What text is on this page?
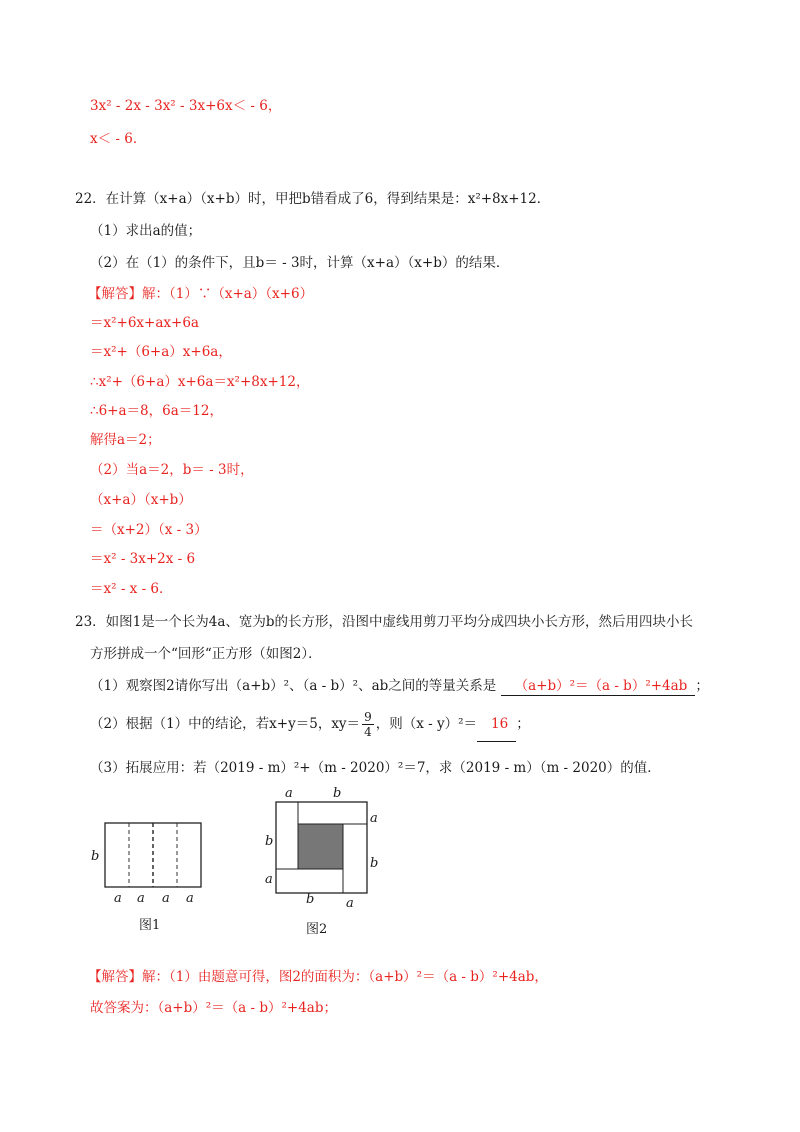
3x² - 2x - 3x² - 3x+6x＜ - 6，
x＜ - 6．
22．在计算（x+a）（x+b）时，甲把b错看成了6，得到结果是：x²+8x+12．
（1）求出a的值；
（2）在（1）的条件下，且b＝ - 3时，计算（x+a）（x+b）的结果．
【解答】解：（1）∵（x+a）（x+6）
＝x²+6x+ax+6a
＝x²+（6+a）x+6a，
∴x²+（6+a）x+6a＝x²+8x+12，
∴6+a＝8，6a＝12，
解得a＝2；
（2）当a＝2，b＝ - 3时，
（x+a）（x+b）
＝（x+2）（x - 3）
＝x² - 3x+2x - 6
＝x² - x - 6．
23．如图1是一个长为4a、宽为b的长方形，沿图中虚线用剪刀平均分成四块小长方形，然后用四块小长
方形拼成一个“回形“正方形（如图2）．
（1）观察图2请你写出（a+b）²、（a - b）²、ab之间的等量关系是 （a+b）²＝（a - b）²+4ab ；
（2）根据（1）中的结论，若x+y＝5，$xy= \frac{9}{4}$ ，则（x - y）²＝ 16 ；
（3）拓展应用：若（2019 - m）²+（m - 2020）²＝7，求（2019 - m）（m - 2020）的值．
b
a a a a
图1
a	b
a
b
b
a
b a
图2
【解答】解：（1）由题意可得，图2的面积为：（a+b）²＝（a - b）²+4ab，
故答案为：（a+b）²＝（a - b）²+4ab；
